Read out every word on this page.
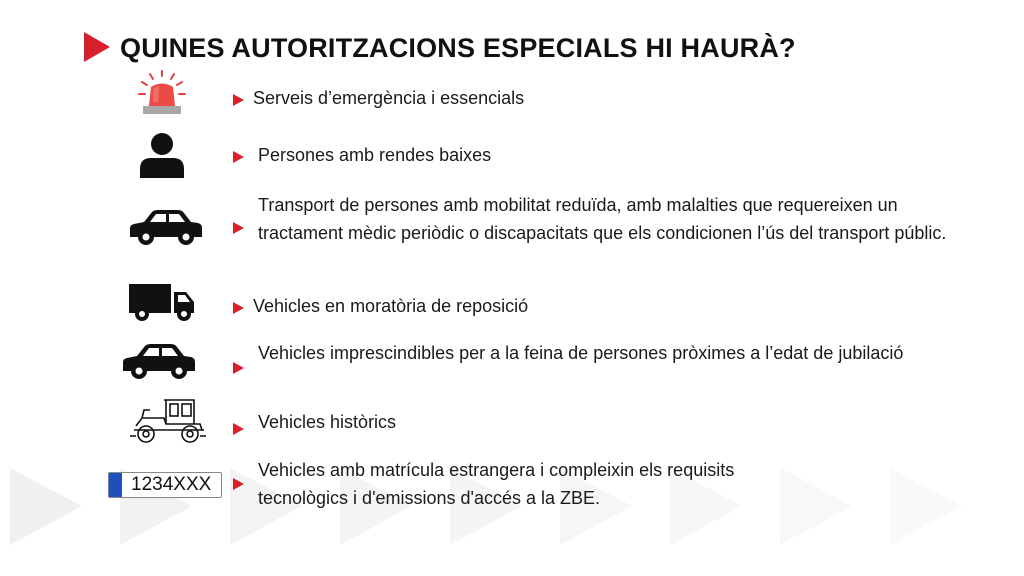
QUINES AUTORITZACIONS ESPECIALS HI HAURÀ?

Serveis d’emergència i essencials

Persones amb rendes baixes

Transport de persones amb mobilitat reduïda, amb malalties que requereixen un tractament mèdic periòdic o discapacitats que els condicionen l’ús del transport públic.

Vehicles en moratòria de reposició

Vehicles imprescindibles per a la feina de persones pròximes a l’edat de jubilació

Vehicles històrics

1234XXX

Vehicles amb matrícula estrangera i compleixin els requisits tecnològics i d'emissions d'accés a la ZBE.
